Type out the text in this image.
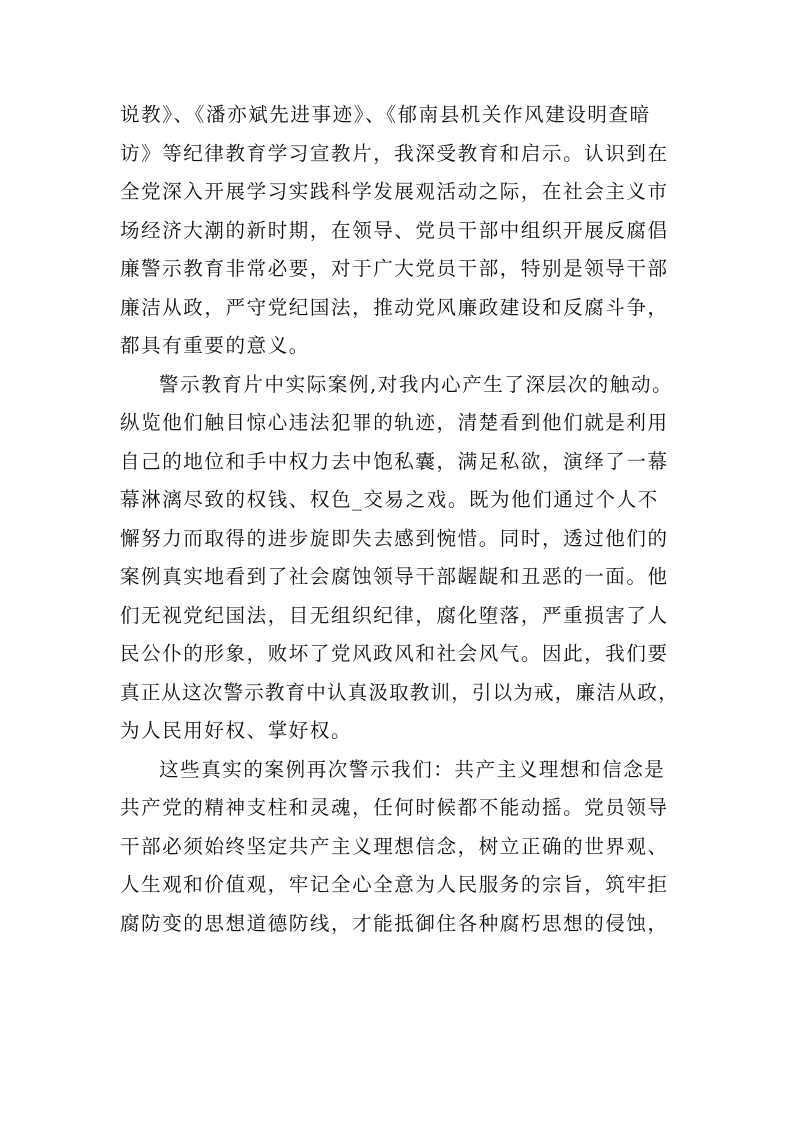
说教》、《潘亦斌先进事迹》、《郁南县机关作风建设明查暗
访》等纪律教育学习宣教片，我深受教育和启示。认识到在
全党深入开展学习实践科学发展观活动之际，在社会主义市
场经济大潮的新时期，在领导、党员干部中组织开展反腐倡
廉警示教育非常必要，对于广大党员干部，特别是领导干部
廉洁从政，严守党纪国法，推动党风廉政建设和反腐斗争，
都具有重要的意义。
警示教育片中实际案例,对我内心产生了深层次的触动。
纵览他们触目惊心违法犯罪的轨迹，清楚看到他们就是利用
自己的地位和手中权力去中饱私囊，满足私欲，演绎了一幕
幕淋漓尽致的权钱、权色_交易之戏。既为他们通过个人不
懈努力而取得的进步旋即失去感到惋惜。同时，透过他们的
案例真实地看到了社会腐蚀领导干部龌龊和丑恶的一面。他
们无视党纪国法，目无组织纪律，腐化堕落，严重损害了人
民公仆的形象，败坏了党风政风和社会风气。因此，我们要
真正从这次警示教育中认真汲取教训，引以为戒，廉洁从政，
为人民用好权、掌好权。
这些真实的案例再次警示我们：共产主义理想和信念是
共产党的精神支柱和灵魂，任何时候都不能动摇。党员领导
干部必须始终坚定共产主义理想信念，树立正确的世界观、
人生观和价值观，牢记全心全意为人民服务的宗旨，筑牢拒
腐防变的思想道德防线，才能抵御住各种腐朽思想的侵蚀，
